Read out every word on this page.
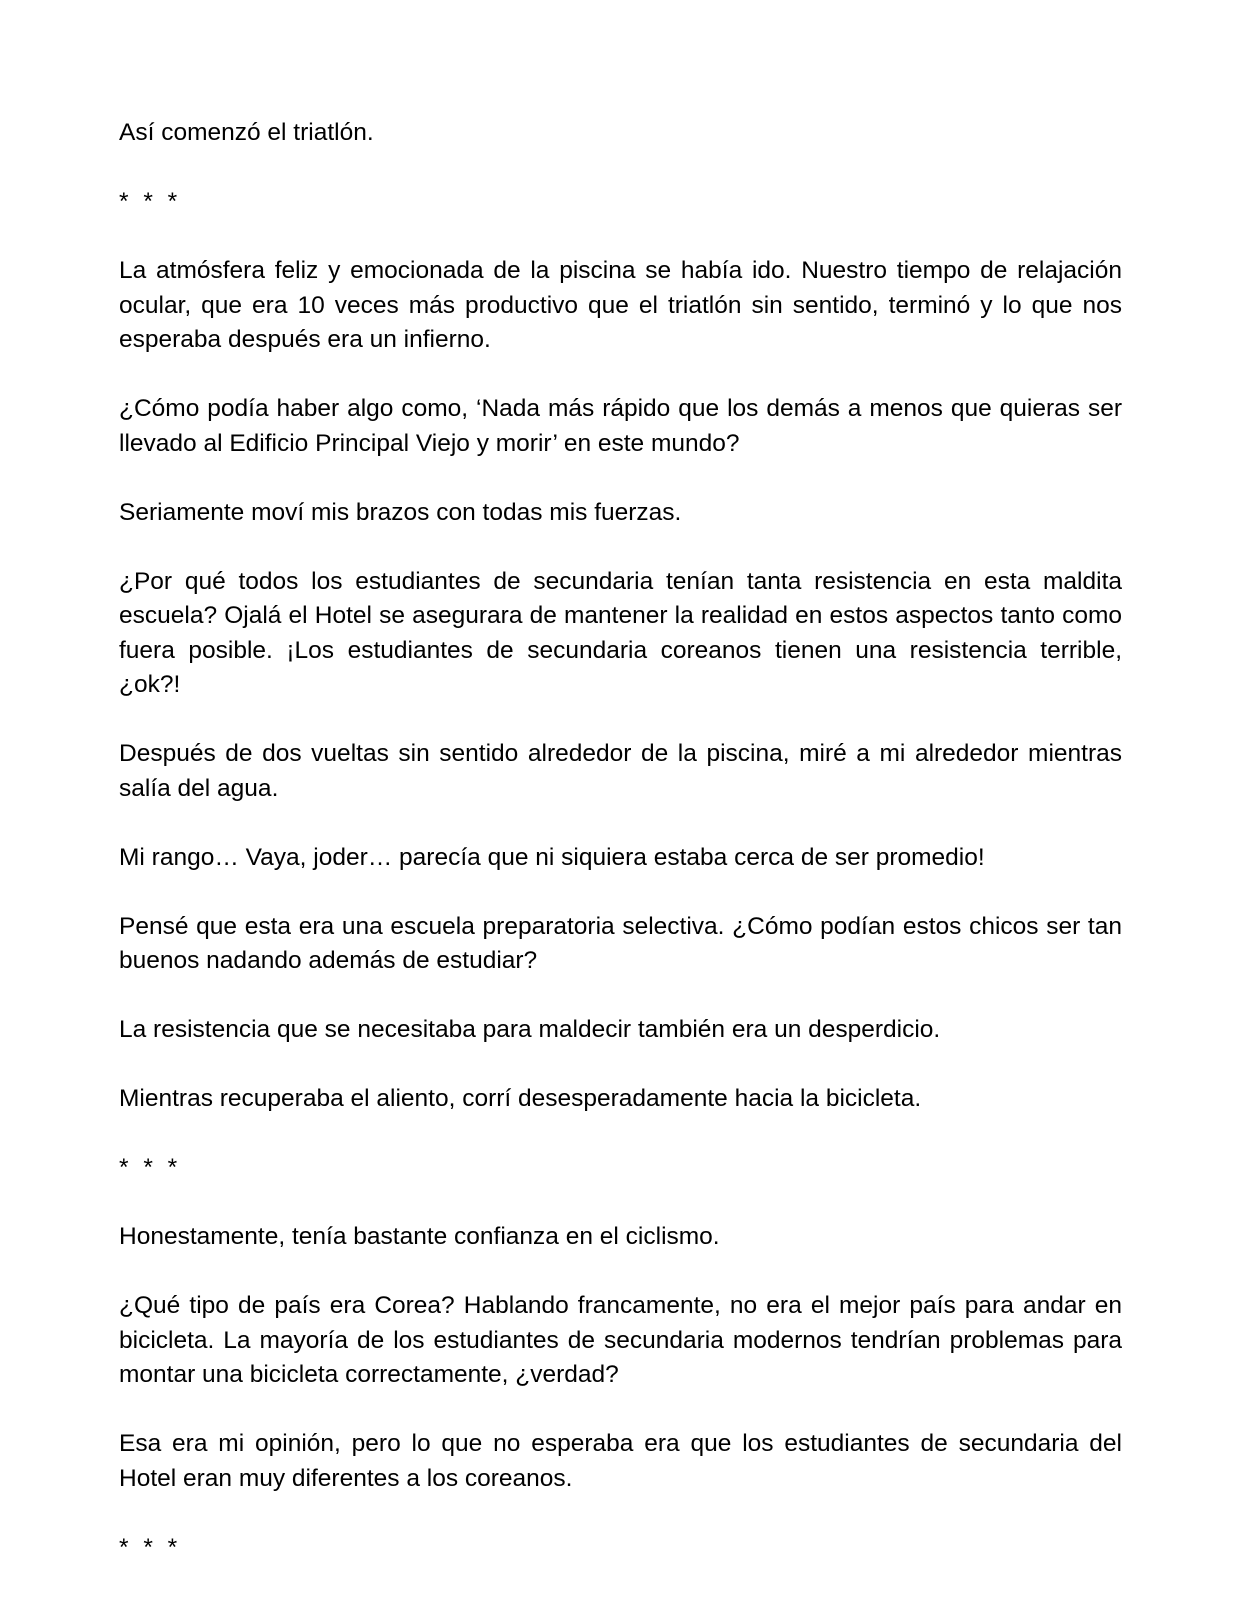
Así comenzó el triatlón.

* * *

La atmósfera feliz y emocionada de la piscina se había ido. Nuestro tiempo de relajación ocular, que era 10 veces más productivo que el triatlón sin sentido, terminó y lo que nos esperaba después era un infierno.

¿Cómo podía haber algo como, ‘Nada más rápido que los demás a menos que quieras ser llevado al Edificio Principal Viejo y morir’ en este mundo?

Seriamente moví mis brazos con todas mis fuerzas.

¿Por qué todos los estudiantes de secundaria tenían tanta resistencia en esta maldita escuela? Ojalá el Hotel se asegurara de mantener la realidad en estos aspectos tanto como fuera posible. ¡Los estudiantes de secundaria coreanos tienen una resistencia terrible, ¿ok?!

Después de dos vueltas sin sentido alrededor de la piscina, miré a mi alrededor mientras salía del agua.

Mi rango… Vaya, joder… parecía que ni siquiera estaba cerca de ser promedio!

Pensé que esta era una escuela preparatoria selectiva. ¿Cómo podían estos chicos ser tan buenos nadando además de estudiar?

La resistencia que se necesitaba para maldecir también era un desperdicio.

Mientras recuperaba el aliento, corrí desesperadamente hacia la bicicleta.

* * *

Honestamente, tenía bastante confianza en el ciclismo.

¿Qué tipo de país era Corea? Hablando francamente, no era el mejor país para andar en bicicleta. La mayoría de los estudiantes de secundaria modernos tendrían problemas para montar una bicicleta correctamente, ¿verdad?

Esa era mi opinión, pero lo que no esperaba era que los estudiantes de secundaria del Hotel eran muy diferentes a los coreanos.

* * *
